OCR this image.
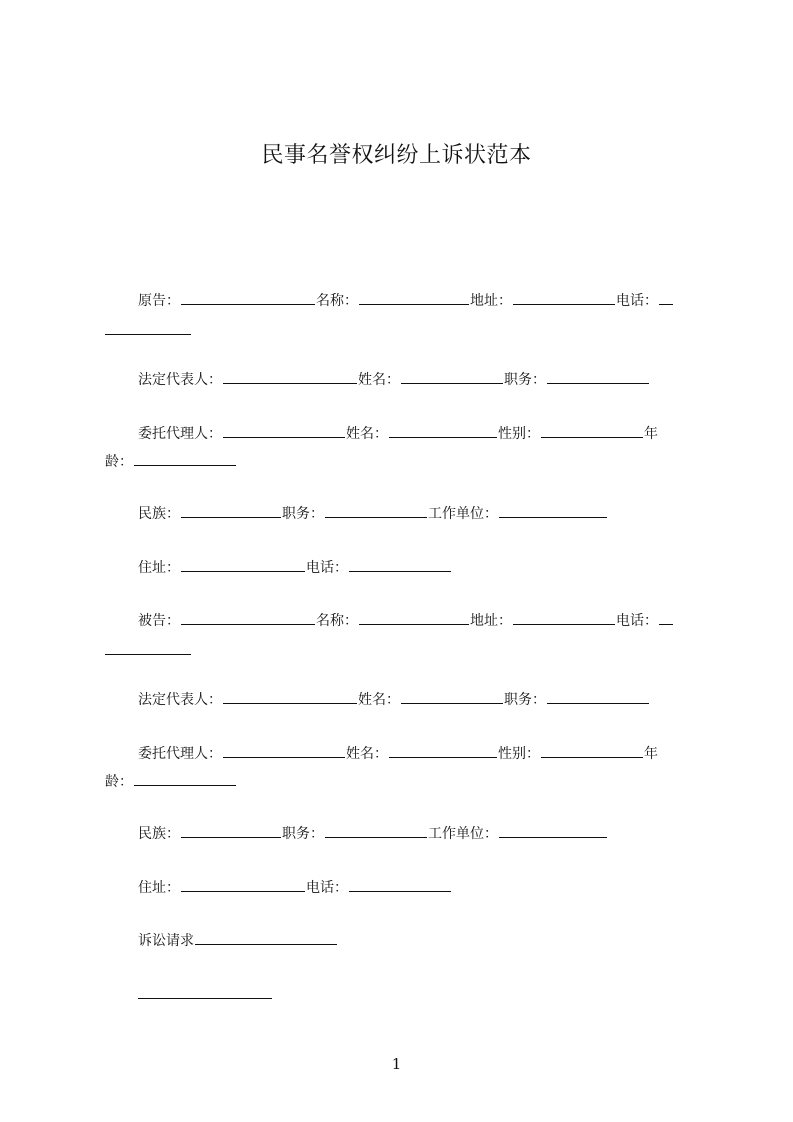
民事名誉权纠纷上诉状范本
原告：	名称：	地址：	电话：
法定代表人：	姓名：	职务：
委托代理人：	姓名：	性别：	年
龄：
民族：	职务：	工作单位：
住址：	电话：
被告：	名称：	地址：	电话：
法定代表人：	姓名：	职务：
委托代理人：	姓名：	性别：	年
龄：
民族：	职务：	工作单位：
住址：	电话：
诉讼请求
1
